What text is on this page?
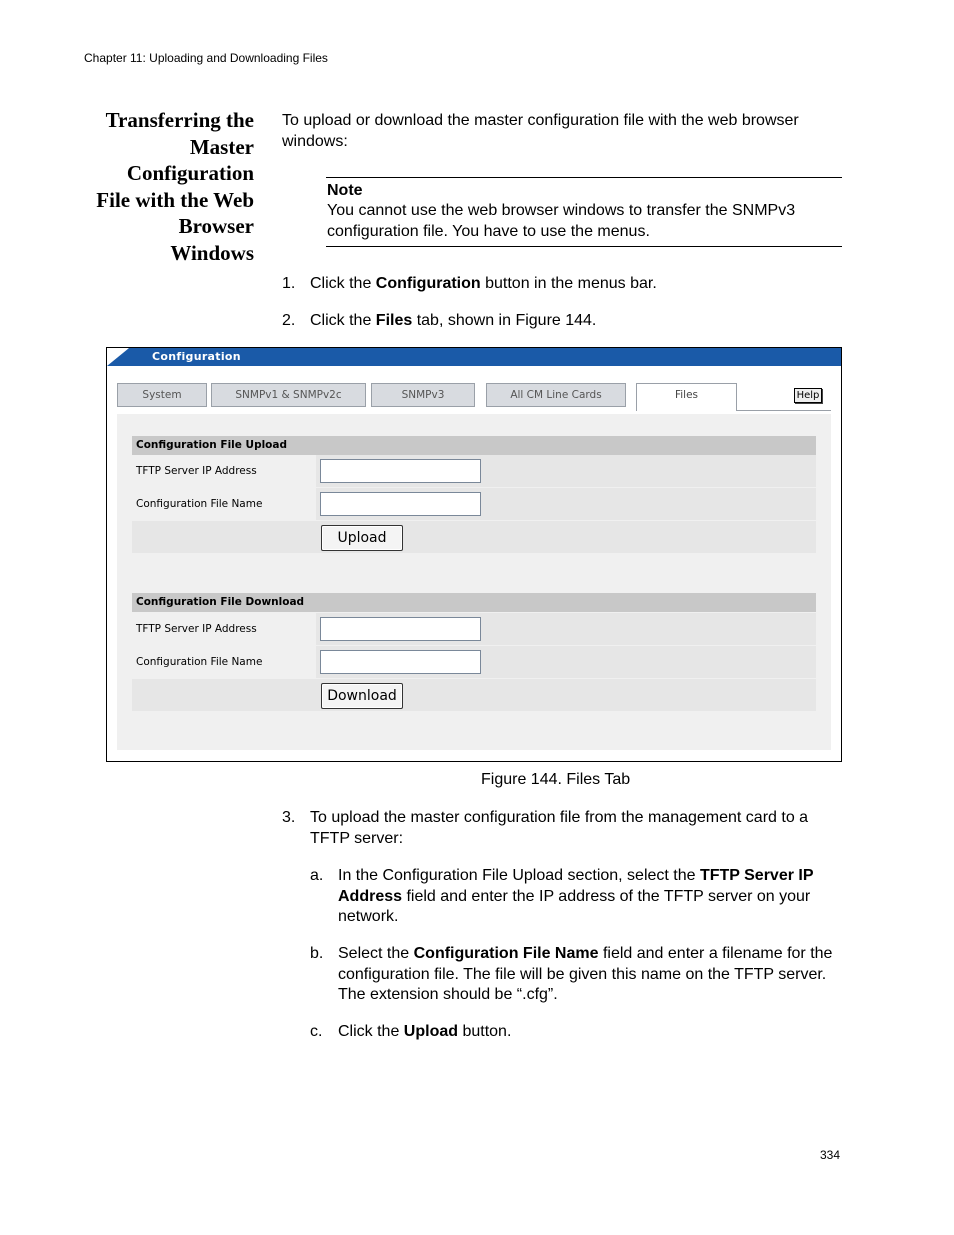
Chapter 11: Uploading and Downloading Files
Transferring the
Master
Configuration
File with the Web
Browser
Windows
To upload or download the master configuration file with the web browser windows:
Note
You cannot use the web browser windows to transfer the SNMPv3 configuration file. You have to use the menus.
1. Click the Configuration button in the menus bar.
2. Click the Files tab, shown in Figure 144.
Configuration
System	SNMPv1 & SNMPv2c	SNMPv3	All CM Line Cards	Files	Help
Configuration File Upload
TFTP Server IP Address
Configuration File Name
Upload
Configuration File Download
TFTP Server IP Address
Configuration File Name
Download
Figure 144. Files Tab
3. To upload the master configuration file from the management card to a TFTP server:
a. In the Configuration File Upload section, select the TFTP Server IP Address field and enter the IP address of the TFTP server on your network.
b. Select the Configuration File Name field and enter a filename for the configuration file. The file will be given this name on the TFTP server. The extension should be “.cfg”.
c. Click the Upload button.
334
